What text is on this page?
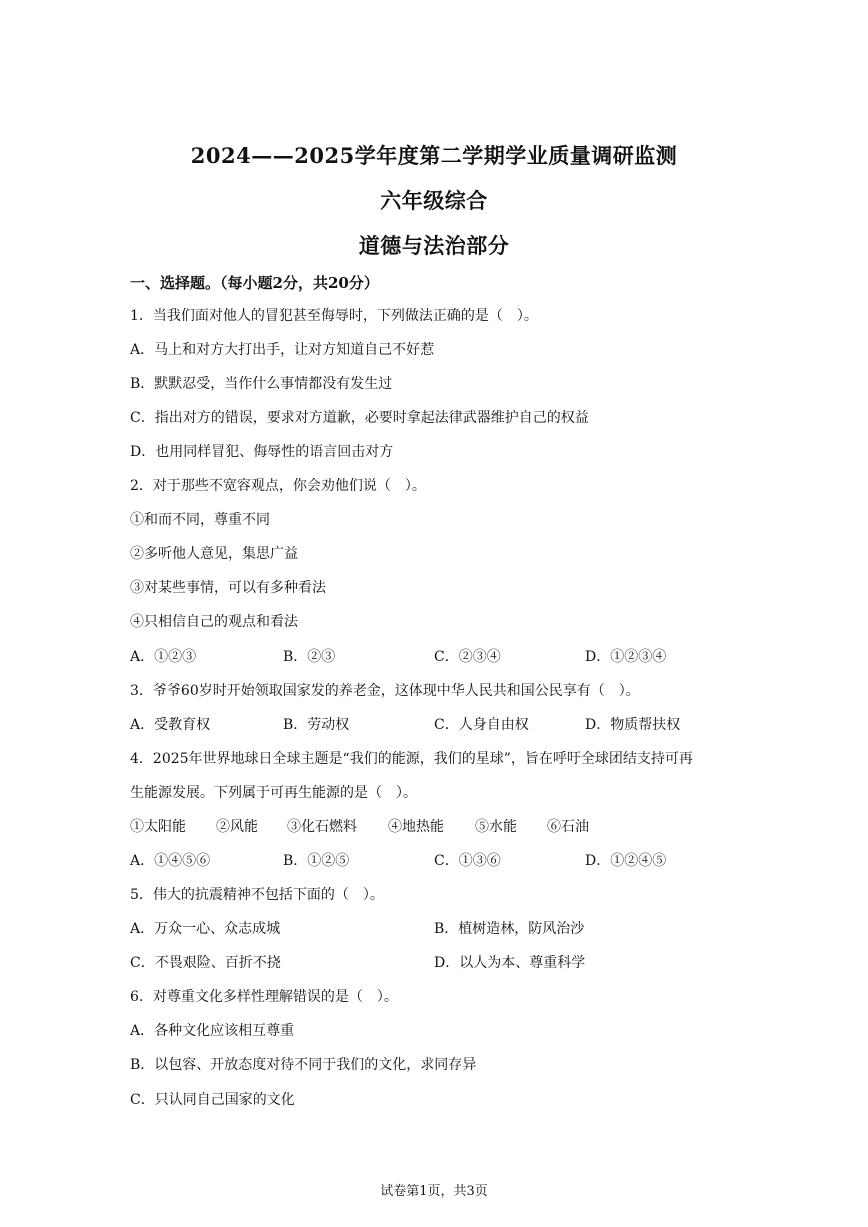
2024——2025学年度第二学期学业质量调研监测
六年级综合
道德与法治部分
一、选择题。（每小题2分，共20分）
1．当我们面对他人的冒犯甚至侮辱时，下列做法正确的是（　）。
A．马上和对方大打出手，让对方知道自己不好惹
B．默默忍受，当作什么事情都没有发生过
C．指出对方的错误，要求对方道歉，必要时拿起法律武器维护自己的权益
D．也用同样冒犯、侮辱性的语言回击对方
2．对于那些不宽容观点，你会劝他们说（　）。
①和而不同，尊重不同
②多听他人意见，集思广益
③对某些事情，可以有多种看法
④只相信自己的观点和看法
A．①②③	B．②③	C．②③④	D．①②③④
3．爷爷60岁时开始领取国家发的养老金，这体现中华人民共和国公民享有（　）。
A．受教育权	B．劳动权	C．人身自由权	D．物质帮扶权
4．2025年世界地球日全球主题是“我们的能源，我们的星球”，旨在呼吁全球团结支持可再
生能源发展。下列属于可再生能源的是（　）。
①太阳能 ②风能 ③化石燃料 ④地热能 ⑤水能 ⑥石油
A．①④⑤⑥	B．①②⑤	C．①③⑥	D．①②④⑤
5．伟大的抗震精神不包括下面的（　）。
A．万众一心、众志成城	B．植树造林，防风治沙
C．不畏艰险、百折不挠	D．以人为本、尊重科学
6．对尊重文化多样性理解错误的是（　）。
A．各种文化应该相互尊重
B．以包容、开放态度对待不同于我们的文化，求同存异
C．只认同自己国家的文化
试卷第1页，共3页
